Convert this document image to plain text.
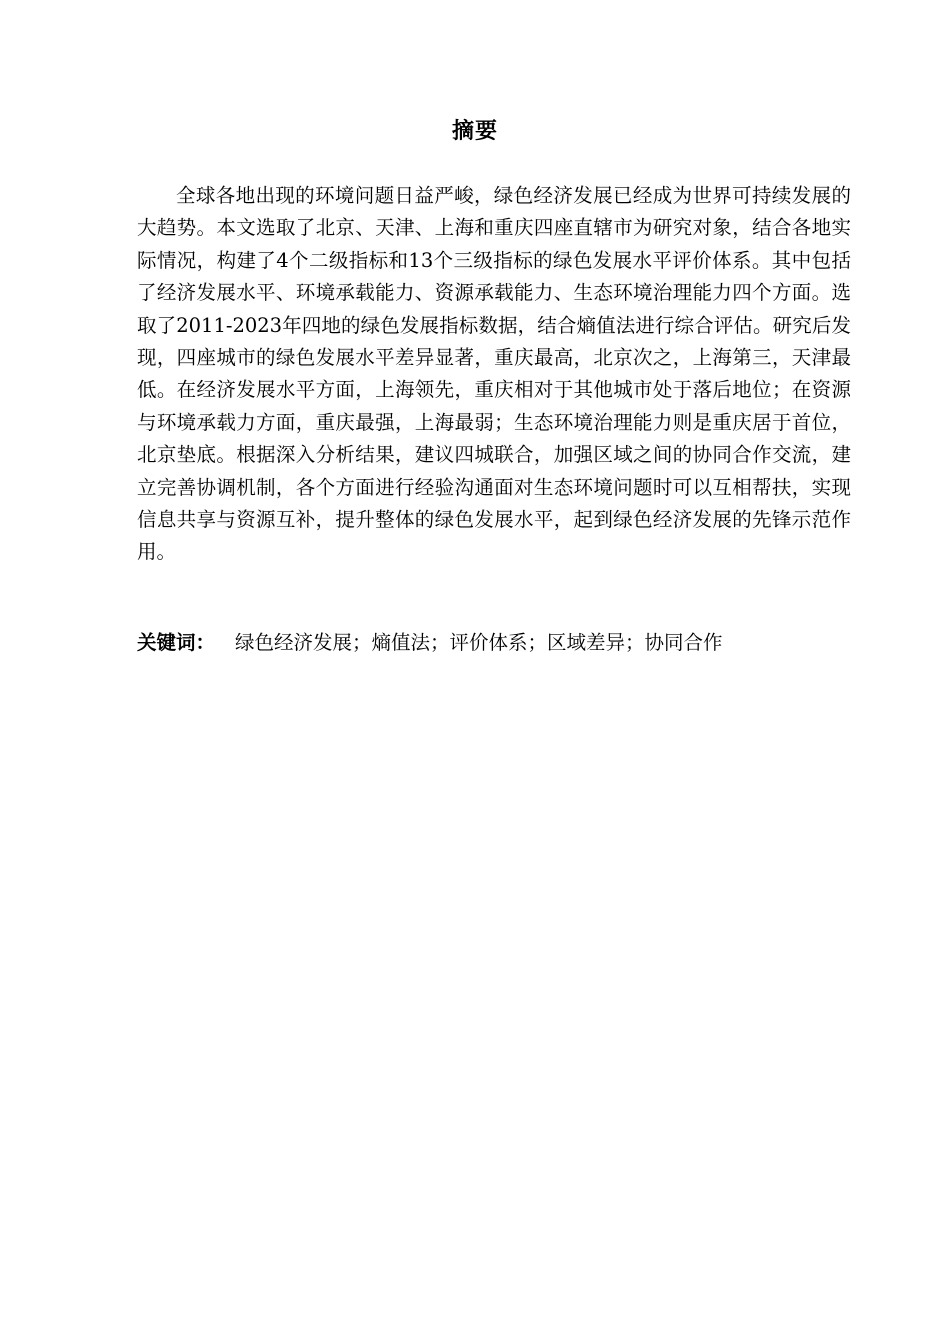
摘要

全球各地出现的环境问题日益严峻，绿色经济发展已经成为世界可持续发展的大趋势。本文选取了北京、天津、上海和重庆四座直辖市为研究对象，结合各地实际情况，构建了4个二级指标和13个三级指标的绿色发展水平评价体系。其中包括了经济发展水平、环境承载能力、资源承载能力、生态环境治理能力四个方面。选取了2011-2023年四地的绿色发展指标数据，结合熵值法进行综合评估。研究后发现，四座城市的绿色发展水平差异显著，重庆最高，北京次之，上海第三，天津最低。在经济发展水平方面，上海领先，重庆相对于其他城市处于落后地位；在资源与环境承载力方面，重庆最强，上海最弱；生态环境治理能力则是重庆居于首位，北京垫底。根据深入分析结果，建议四城联合，加强区域之间的协同合作交流，建立完善协调机制，各个方面进行经验沟通面对生态环境问题时可以互相帮扶，实现信息共享与资源互补，提升整体的绿色发展水平，起到绿色经济发展的先锋示范作用。

关键词： 绿色经济发展；熵值法；评价体系；区域差异；协同合作
